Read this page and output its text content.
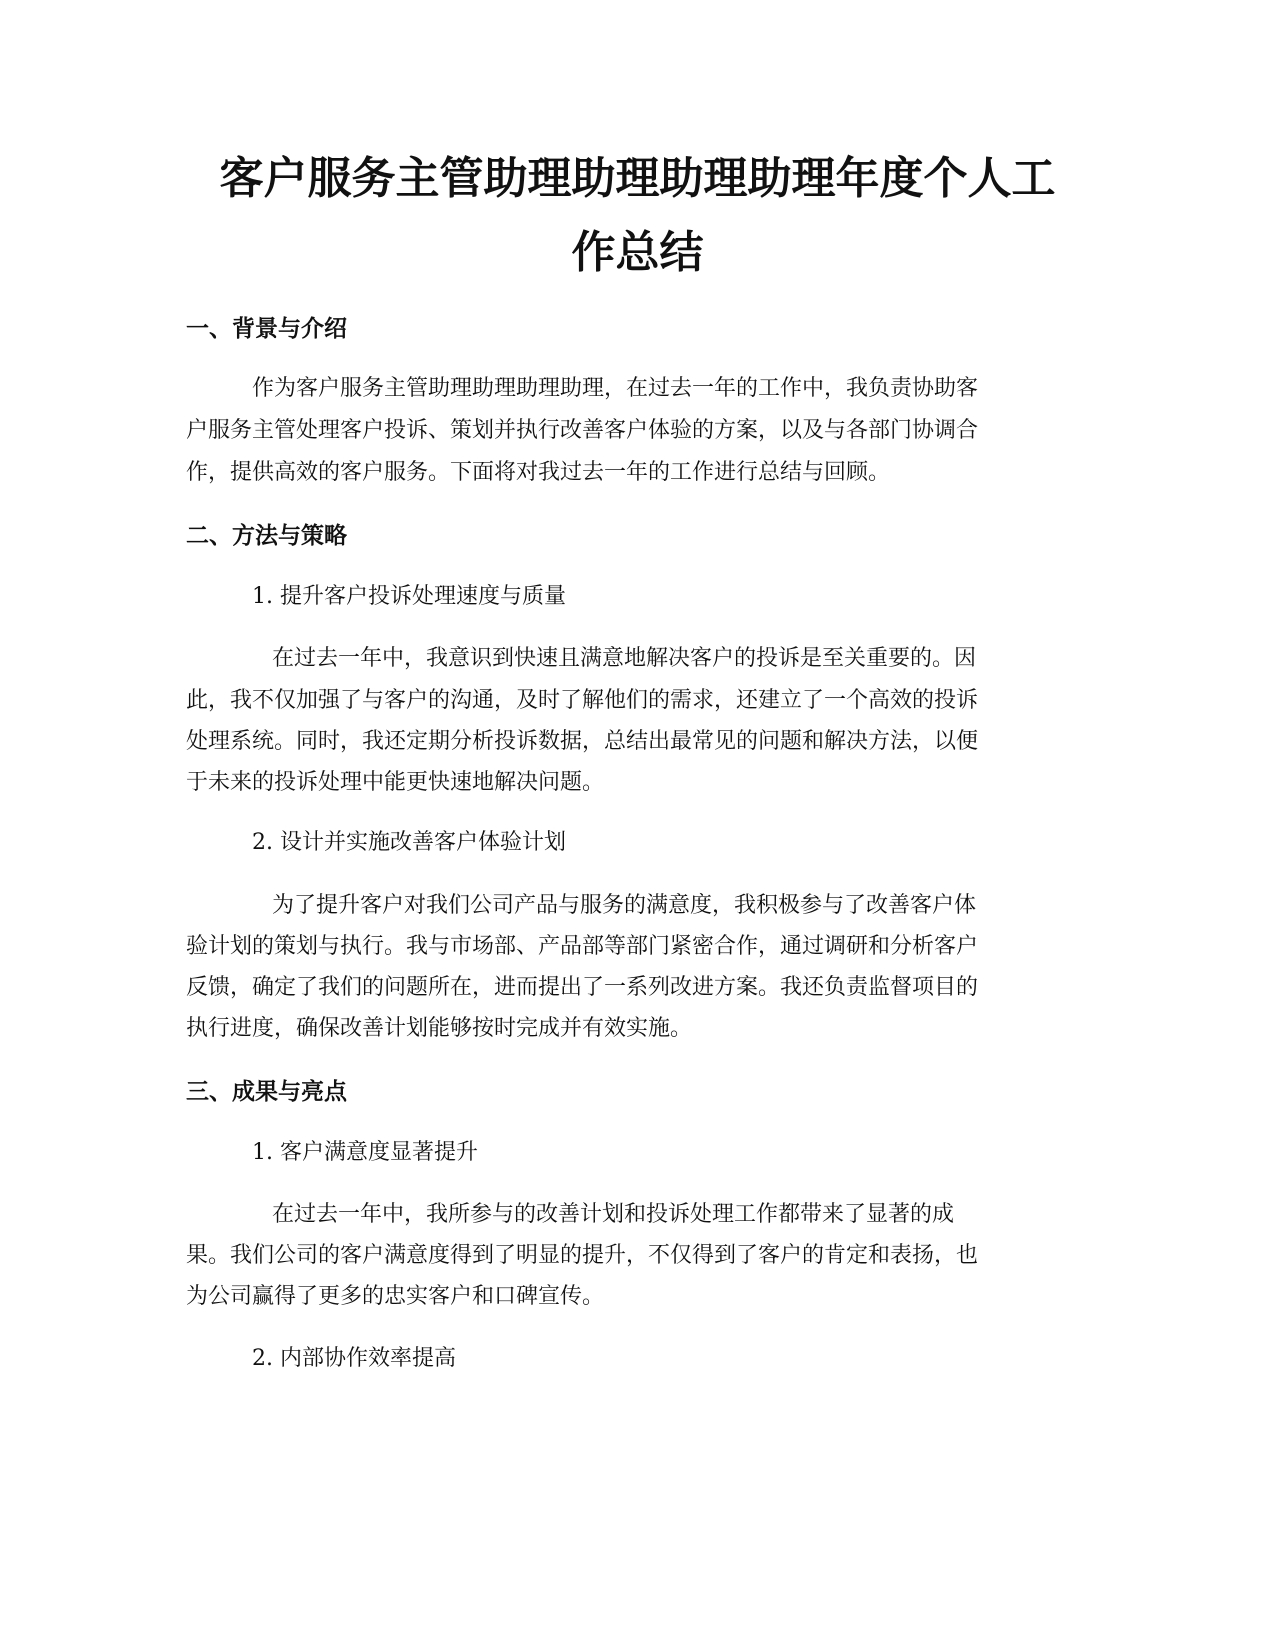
客户服务主管助理助理助理助理年度个人工
作总结
一、背景与介绍

作为客户服务主管助理助理助理助理，在过去一年的工作中，我负责协助客

户服务主管处理客户投诉、策划并执行改善客户体验的方案，以及与各部门协调合

作，提供高效的客户服务。下面将对我过去一年的工作进行总结与回顾。

二、方法与策略

1. 提升客户投诉处理速度与质量

在过去一年中，我意识到快速且满意地解决客户的投诉是至关重要的。因

此，我不仅加强了与客户的沟通，及时了解他们的需求，还建立了一个高效的投诉

处理系统。同时，我还定期分析投诉数据，总结出最常见的问题和解决方法，以便

于未来的投诉处理中能更快速地解决问题。

2. 设计并实施改善客户体验计划

为了提升客户对我们公司产品与服务的满意度，我积极参与了改善客户体

验计划的策划与执行。我与市场部、产品部等部门紧密合作，通过调研和分析客户

反馈，确定了我们的问题所在，进而提出了一系列改进方案。我还负责监督项目的

执行进度，确保改善计划能够按时完成并有效实施。

三、成果与亮点

1. 客户满意度显著提升

在过去一年中，我所参与的改善计划和投诉处理工作都带来了显著的成

果。我们公司的客户满意度得到了明显的提升，不仅得到了客户的肯定和表扬，也

为公司赢得了更多的忠实客户和口碑宣传。

2. 内部协作效率提高
